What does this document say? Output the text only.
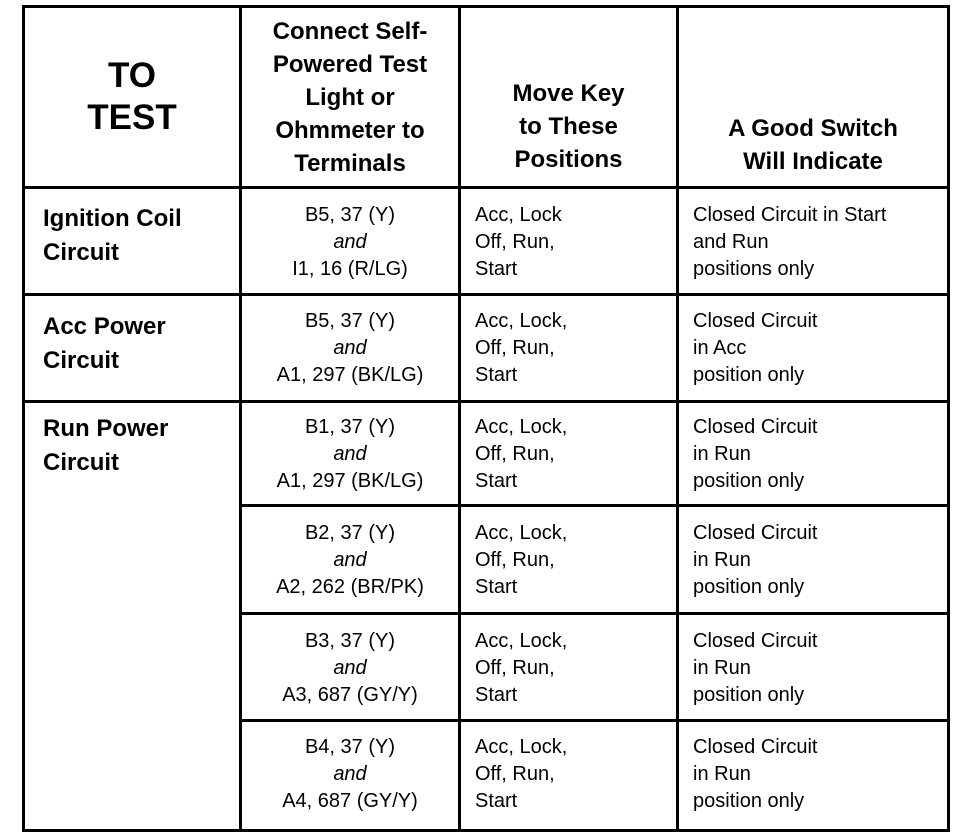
TO
TEST
Connect Self-
Powered Test
Light or
Ohmmeter to
Terminals
Move Key
to These
Positions
A Good Switch
Will Indicate
Ignition Coil
Circuit
Acc Power
Circuit
Run Power
Circuit
B5, 37 (Y)
and
I1, 16 (R/LG)
Acc, Lock
Off, Run,
Start
Closed Circuit in Start
and Run
positions only
B5, 37 (Y)
and
A1, 297 (BK/LG)
Acc, Lock,
Off, Run,
Start
Closed Circuit
in Acc
position only
B1, 37 (Y)
and
A1, 297 (BK/LG)
Acc, Lock,
Off, Run,
Start
Closed Circuit
in Run
position only
B2, 37 (Y)
and
A2, 262 (BR/PK)
Acc, Lock,
Off, Run,
Start
Closed Circuit
in Run
position only
B3, 37 (Y)
and
A3, 687 (GY/Y)
Acc, Lock,
Off, Run,
Start
Closed Circuit
in Run
position only
B4, 37 (Y)
and
A4, 687 (GY/Y)
Acc, Lock,
Off, Run,
Start
Closed Circuit
in Run
position only
